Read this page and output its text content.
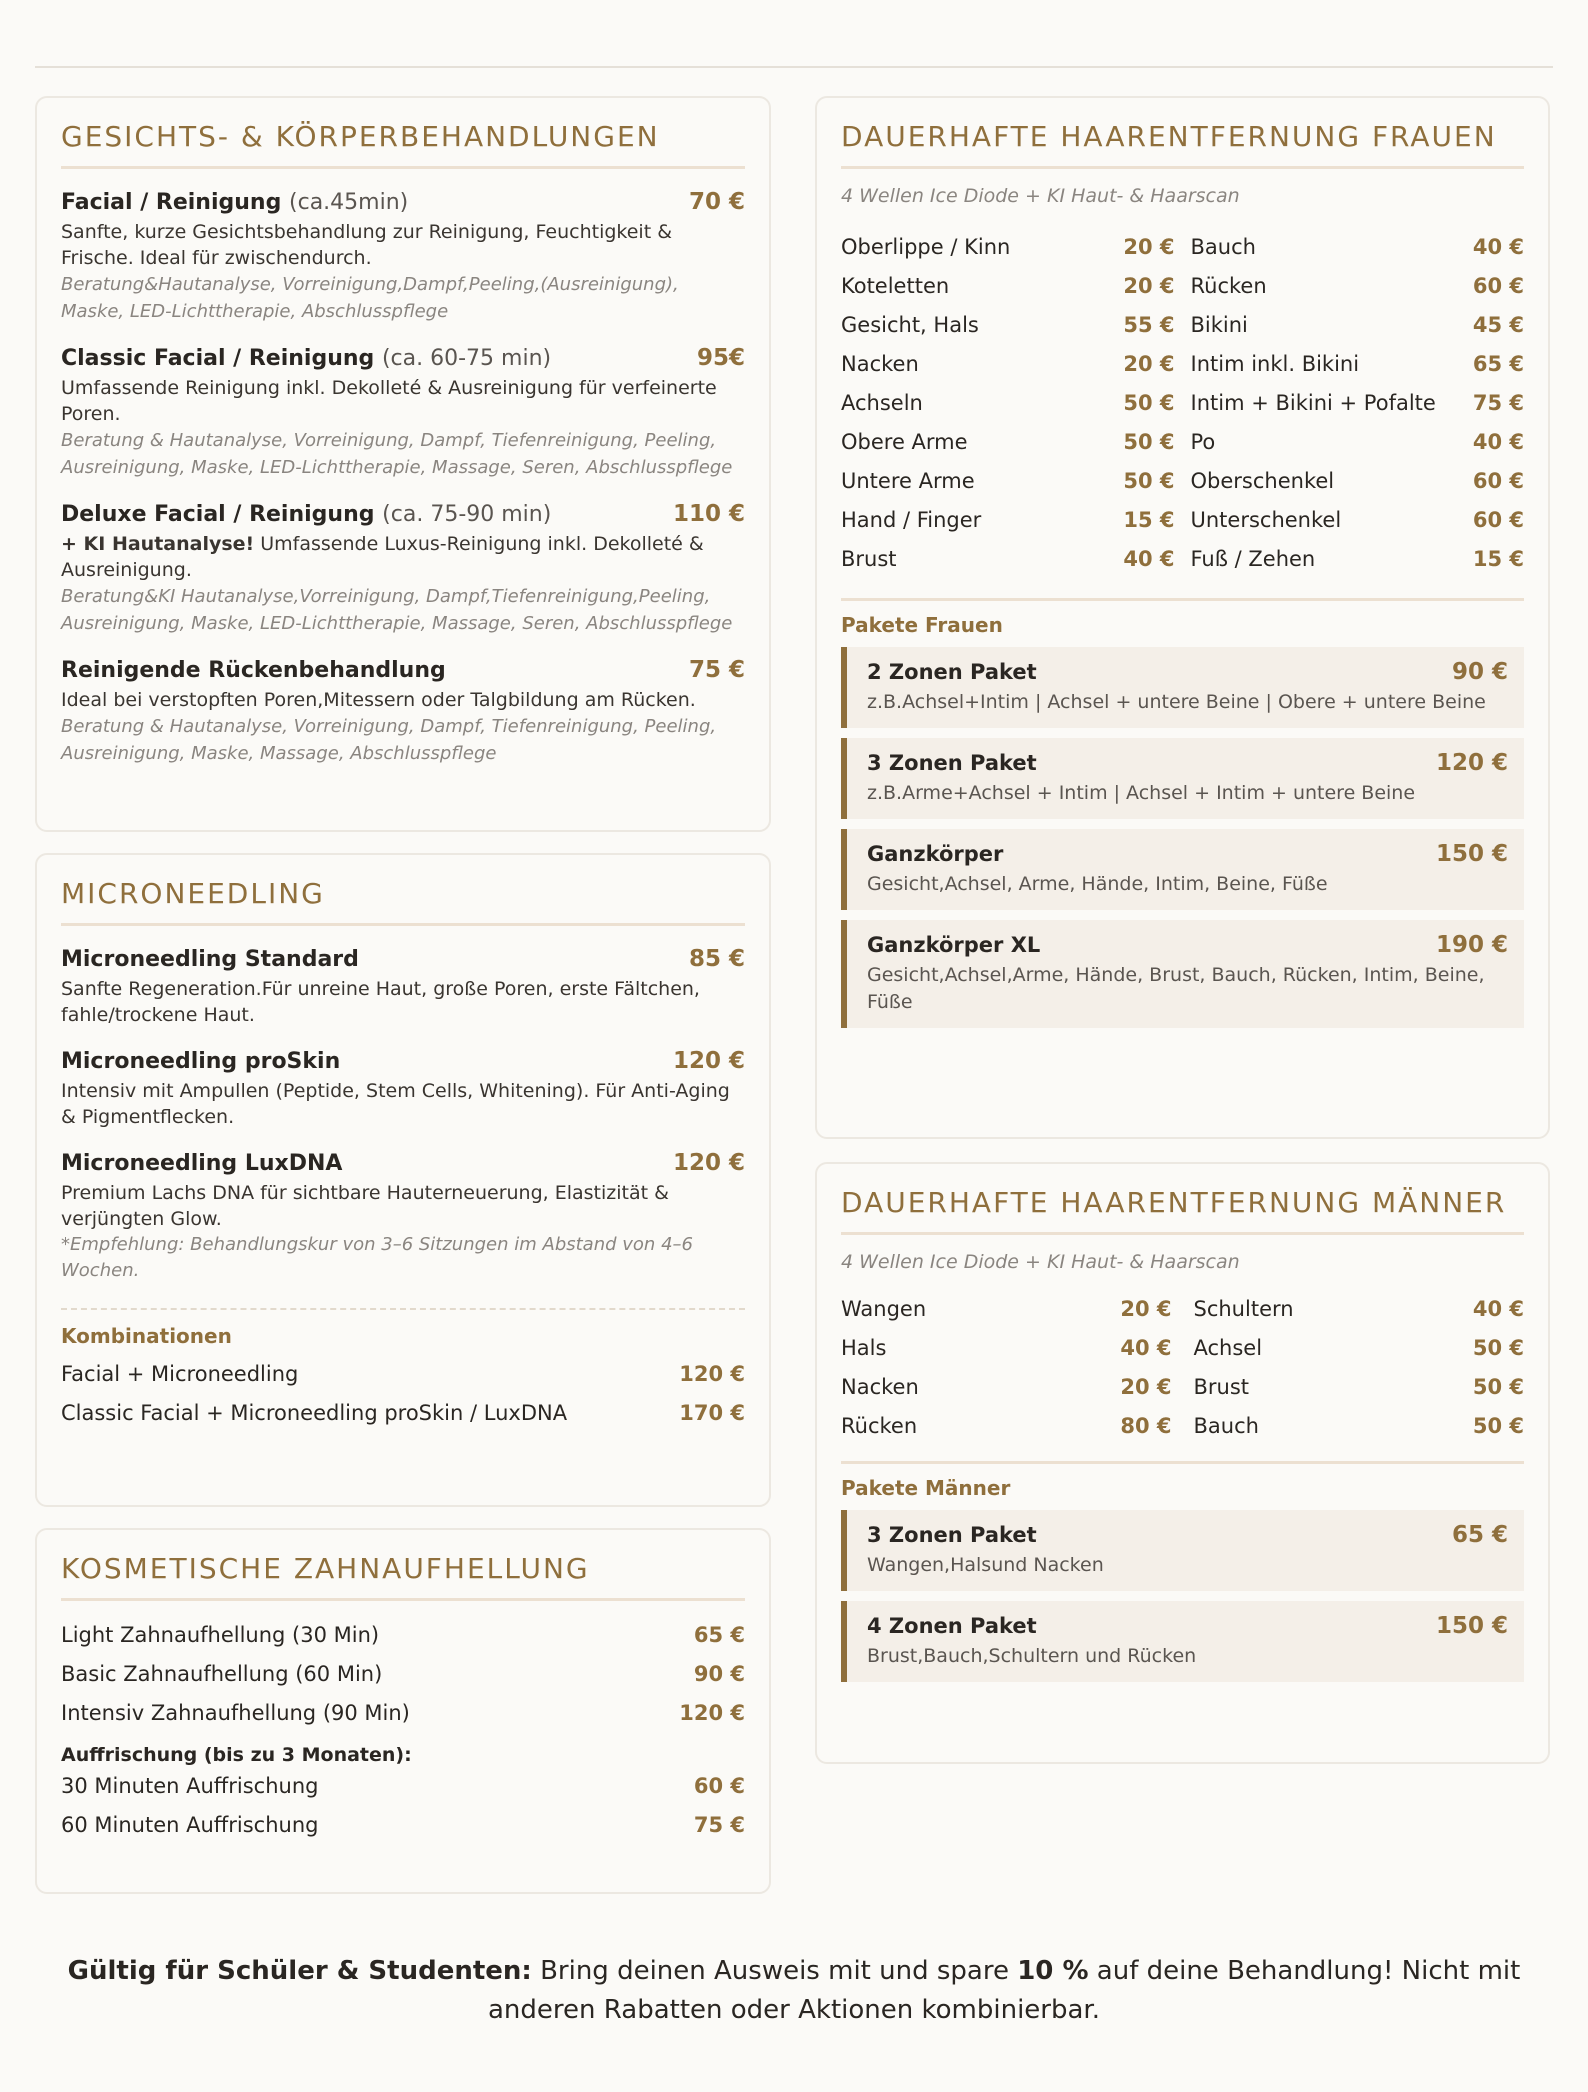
GESICHTS- & KÖRPERBEHANDLUNGEN
Facial / Reinigung (ca.45min)	70 €
Sanfte, kurze Gesichtsbehandlung zur Reinigung, Feuchtigkeit & Frische. Ideal für zwischendurch.
Beratung&Hautanalyse, Vorreinigung,Dampf,Peeling,(Ausreinigung), Maske, LED-Lichttherapie, Abschlusspflege
Classic Facial / Reinigung (ca. 60-75 min)	95€
Umfassende Reinigung inkl. Dekolleté & Ausreinigung für verfeinerte Poren.
Beratung & Hautanalyse, Vorreinigung, Dampf, Tiefenreinigung, Peeling, Ausreinigung, Maske, LED-Lichttherapie, Massage, Seren, Abschlusspflege
Deluxe Facial / Reinigung (ca. 75-90 min)	110 €
+ KI Hautanalyse! Umfassende Luxus-Reinigung inkl. Dekolleté & Ausreinigung.
Beratung&KI Hautanalyse,Vorreinigung, Dampf,Tiefenreinigung,Peeling, Ausreinigung, Maske, LED-Lichttherapie, Massage, Seren, Abschlusspflege
Reinigende Rückenbehandlung	75 €
Ideal bei verstopften Poren,Mitessern oder Talgbildung am Rücken.
Beratung & Hautanalyse, Vorreinigung, Dampf, Tiefenreinigung, Peeling, Ausreinigung, Maske, Massage, Abschlusspflege
MICRONEEDLING
Microneedling Standard	85 €
Sanfte Regeneration.Für unreine Haut, große Poren, erste Fältchen, fahle/trockene Haut.
Microneedling proSkin	120 €
Intensiv mit Ampullen (Peptide, Stem Cells, Whitening). Für Anti-Aging & Pigmentflecken.
Microneedling LuxDNA	120 €
Premium Lachs DNA für sichtbare Hauterneuerung, Elastizität & verjüngten Glow.
*Empfehlung: Behandlungskur von 3–6 Sitzungen im Abstand von 4–6 Wochen.
Kombinationen
Facial + Microneedling	120 €
Classic Facial + Microneedling proSkin / LuxDNA	170 €
KOSMETISCHE ZAHNAUFHELLUNG
Light Zahnaufhellung (30 Min)	65 €
Basic Zahnaufhellung (60 Min)	90 €
Intensiv Zahnaufhellung (90 Min)	120 €
Auffrischung (bis zu 3 Monaten):
30 Minuten Auffrischung	60 €
60 Minuten Auffrischung	75 €
DAUERHAFTE HAARENTFERNUNG FRAUEN
4 Wellen Ice Diode + KI Haut- & Haarscan
Oberlippe / Kinn	20 €
Koteletten	20 €
Gesicht, Hals	55 €
Nacken	20 €
Achseln	50 €
Obere Arme	50 €
Untere Arme	50 €
Hand / Finger	15 €
Brust	40 €
Bauch	40 €
Rücken	60 €
Bikini	45 €
Intim inkl. Bikini	65 €
Intim + Bikini + Pofalte	75 €
Po	40 €
Oberschenkel	60 €
Unterschenkel	60 €
Fuß / Zehen	15 €
Pakete Frauen
2 Zonen Paket	90 €
z.B.Achsel+Intim | Achsel + untere Beine | Obere + untere Beine
3 Zonen Paket	120 €
z.B.Arme+Achsel + Intim | Achsel + Intim + untere Beine
Ganzkörper	150 €
Gesicht,Achsel, Arme, Hände, Intim, Beine, Füße
Ganzkörper XL	190 €
Gesicht,Achsel,Arme, Hände, Brust, Bauch, Rücken, Intim, Beine, Füße
DAUERHAFTE HAARENTFERNUNG MÄNNER
4 Wellen Ice Diode + KI Haut- & Haarscan
Wangen	20 €
Hals	40 €
Nacken	20 €
Rücken	80 €
Schultern	40 €
Achsel	50 €
Brust	50 €
Bauch	50 €
Pakete Männer
3 Zonen Paket	65 €
Wangen,Halsund Nacken
4 Zonen Paket	150 €
Brust,Bauch,Schultern und Rücken
Gültig für Schüler & Studenten: Bring deinen Ausweis mit und spare 10 % auf deine Behandlung! Nicht mit anderen Rabatten oder Aktionen kombinierbar.
